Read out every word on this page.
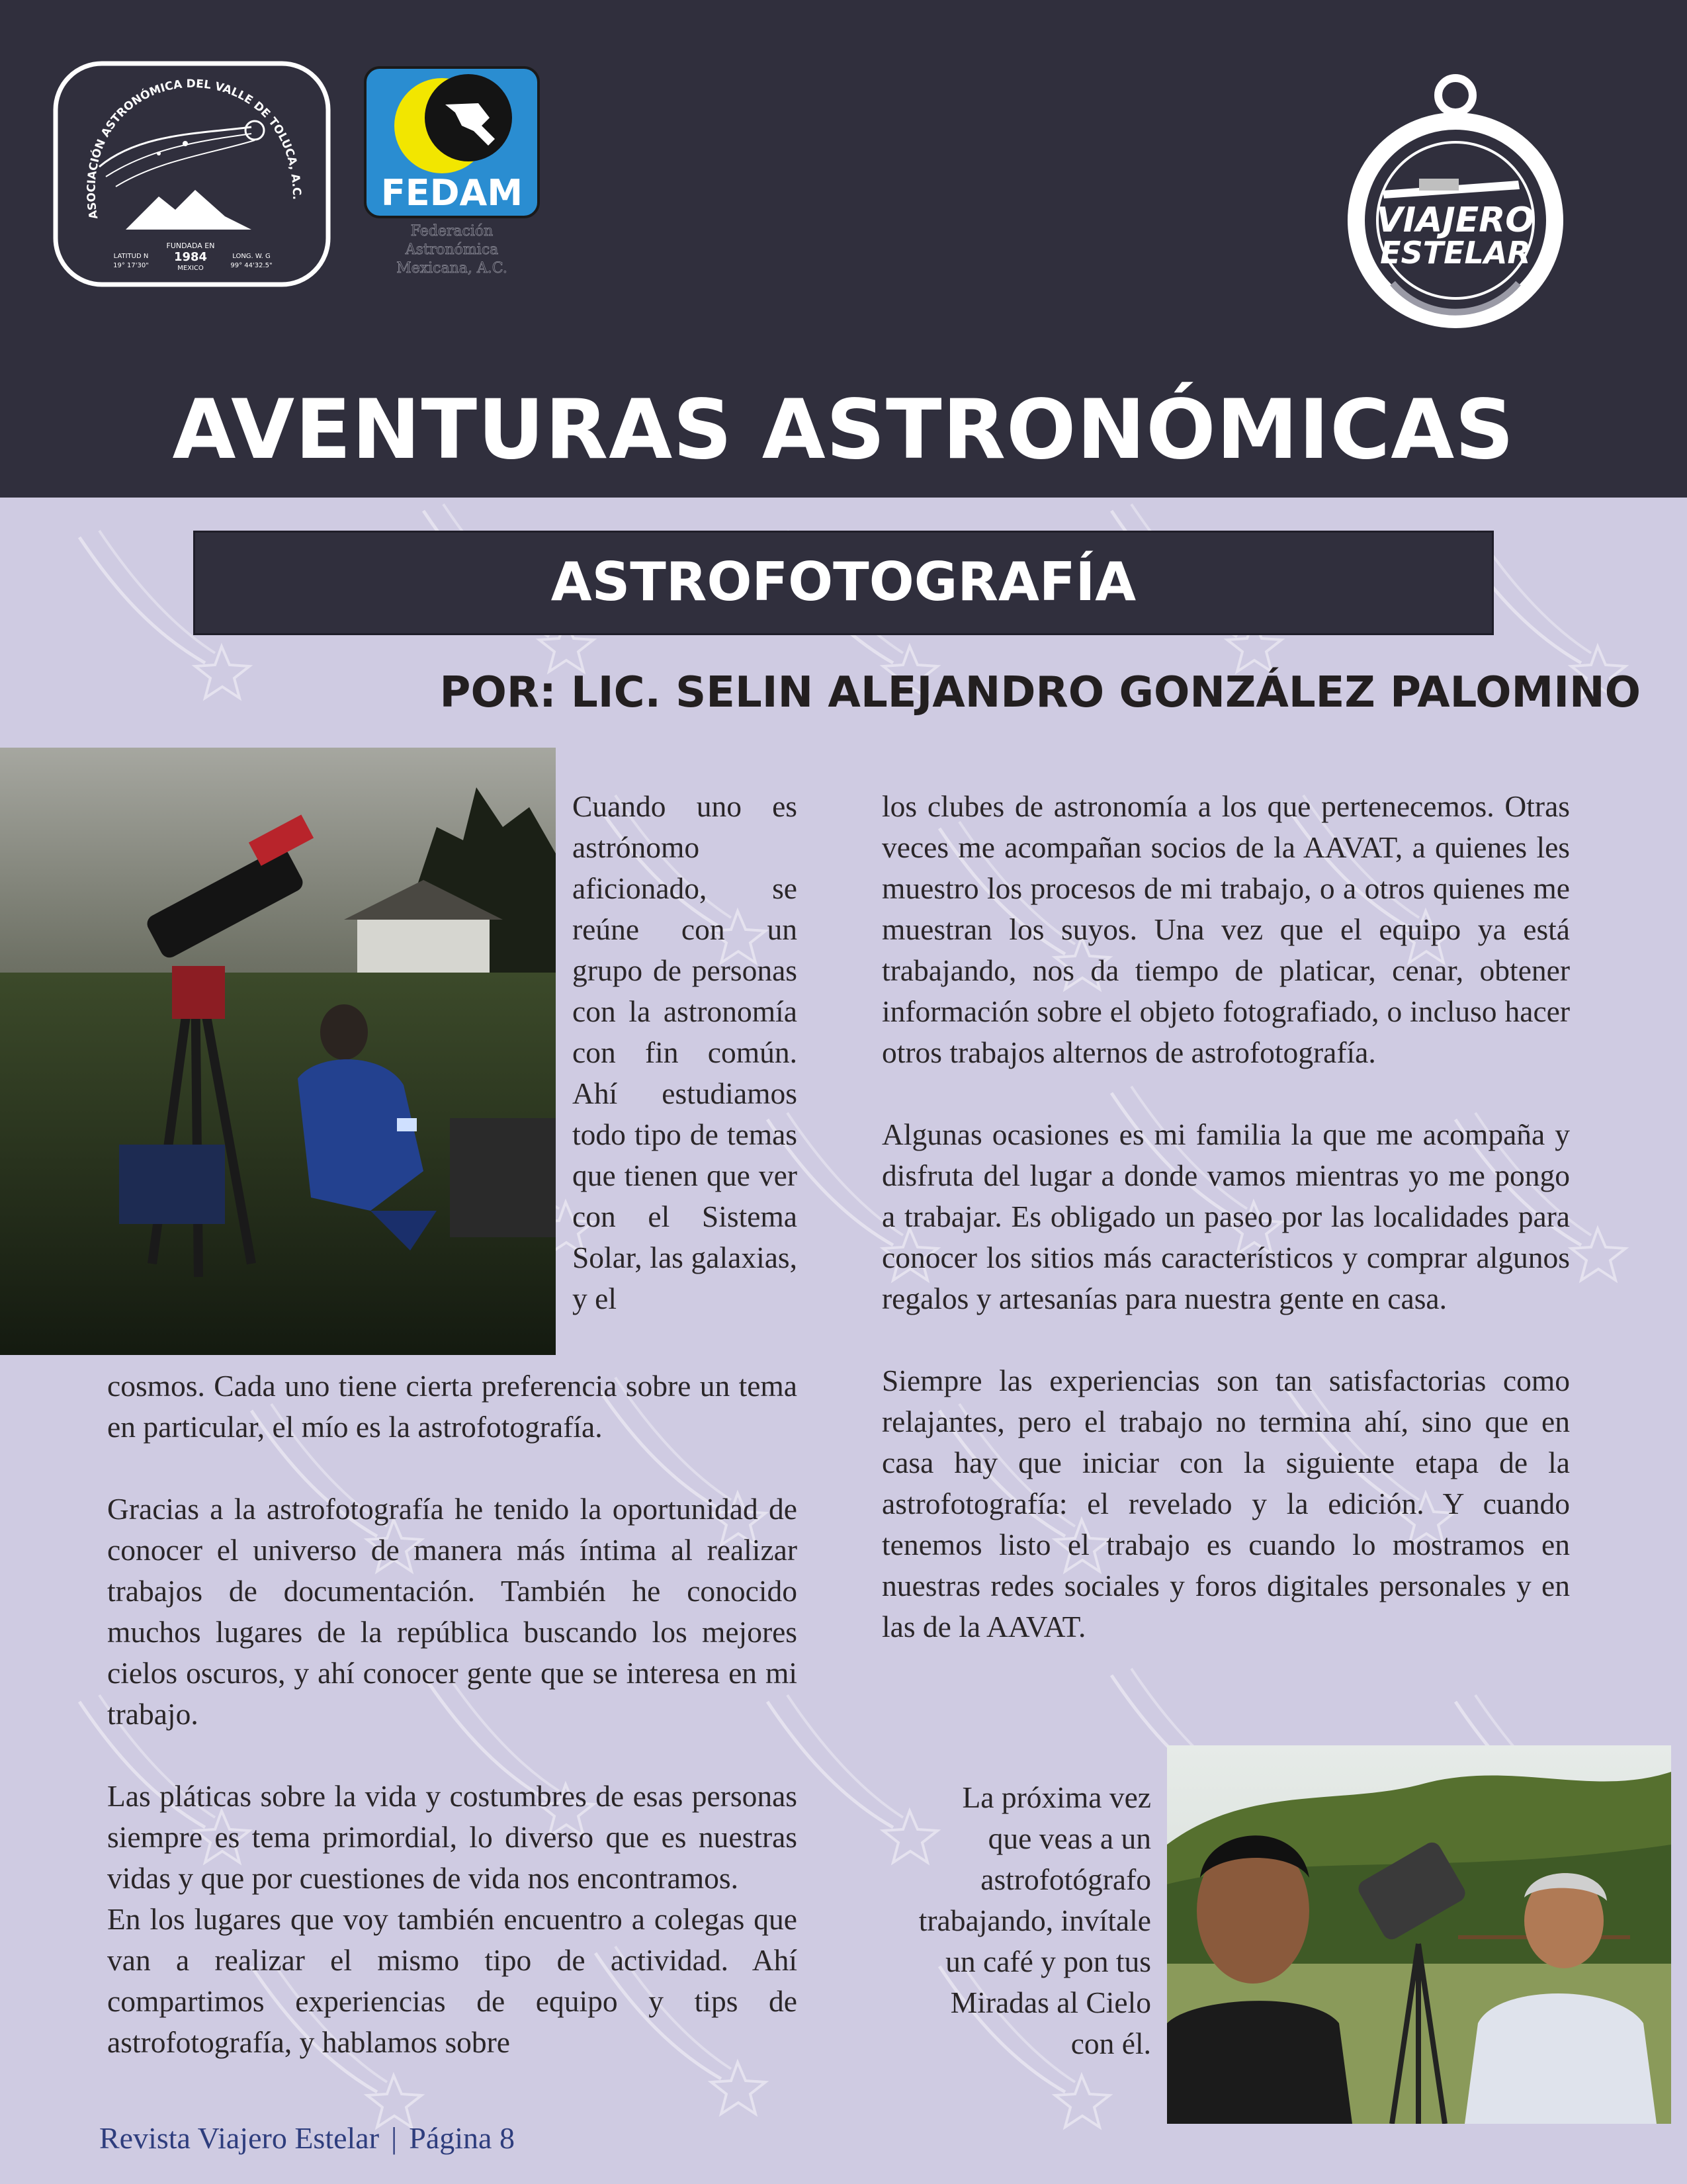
ASOCIACIÓN ASTRONÓMICA DEL VALLE DE TOLUCA, A.C.
FUNDADA EN
1984
MEXICO
LATITUD N
19° 17'30"
LONG. W. G
99° 44'32.5"
FEDAM
Federación
Astronómica
Mexicana, A.C.
VIAJERO
ESTELAR
AVENTURAS ASTRONÓMICAS
ASTROFOTOGRAFÍA
POR: LIC. SELIN ALEJANDRO GONZÁLEZ PALOMINO

Cuando uno es astrónomo aficionado, se reúne con un grupo de personas con la astronomía con fin común. Ahí estudiamos todo tipo de temas que tienen que ver con el Sistema Solar, las galaxias, y el

cosmos. Cada uno tiene cierta preferencia sobre un tema en particular, el mío es la astrofotografía.

Gracias a la astrofotografía he tenido la oportunidad de conocer el universo de manera más íntima al realizar trabajos de documentación. También he conocido muchos lugares de la república buscando los mejores cielos oscuros, y ahí conocer gente que se interesa en mi trabajo.

Las pláticas sobre la vida y costumbres de esas personas siempre es tema primordial, lo diverso que es nuestras vidas y que por cuestiones de vida nos encontramos.

En los lugares que voy también encuentro a colegas que van a realizar el mismo tipo de actividad. Ahí compartimos experiencias de equipo y tips de astrofotografía, y hablamos sobre

los clubes de astronomía a los que pertenecemos. Otras veces me acompañan socios de la AAVAT, a quienes les muestro los procesos de mi trabajo, o a otros quienes me muestran los suyos. Una vez que el equipo ya está trabajando, nos da tiempo de platicar, cenar, obtener información sobre el objeto fotografiado, o incluso hacer otros trabajos alternos de astrofotografía.

Algunas ocasiones es mi familia la que me acompaña y disfruta del lugar a donde vamos mientras yo me pongo a trabajar. Es obligado un paseo por las localidades para conocer los sitios más característicos y comprar algunos regalos y artesanías para nuestra gente en casa.

Siempre las experiencias son tan satisfactorias como relajantes, pero el trabajo no termina ahí, sino que en casa hay que iniciar con la siguiente etapa de la astrofotografía: el revelado y la edición. Y cuando tenemos listo el trabajo es cuando lo mostramos en nuestras redes sociales y foros digitales personales y en las de la AAVAT.

La próxima vez
que veas a un
astrofotógrafo
trabajando, invítale
un café y pon tus
Miradas al Cielo
con él.
Revista Viajero Estelar | Página 8
